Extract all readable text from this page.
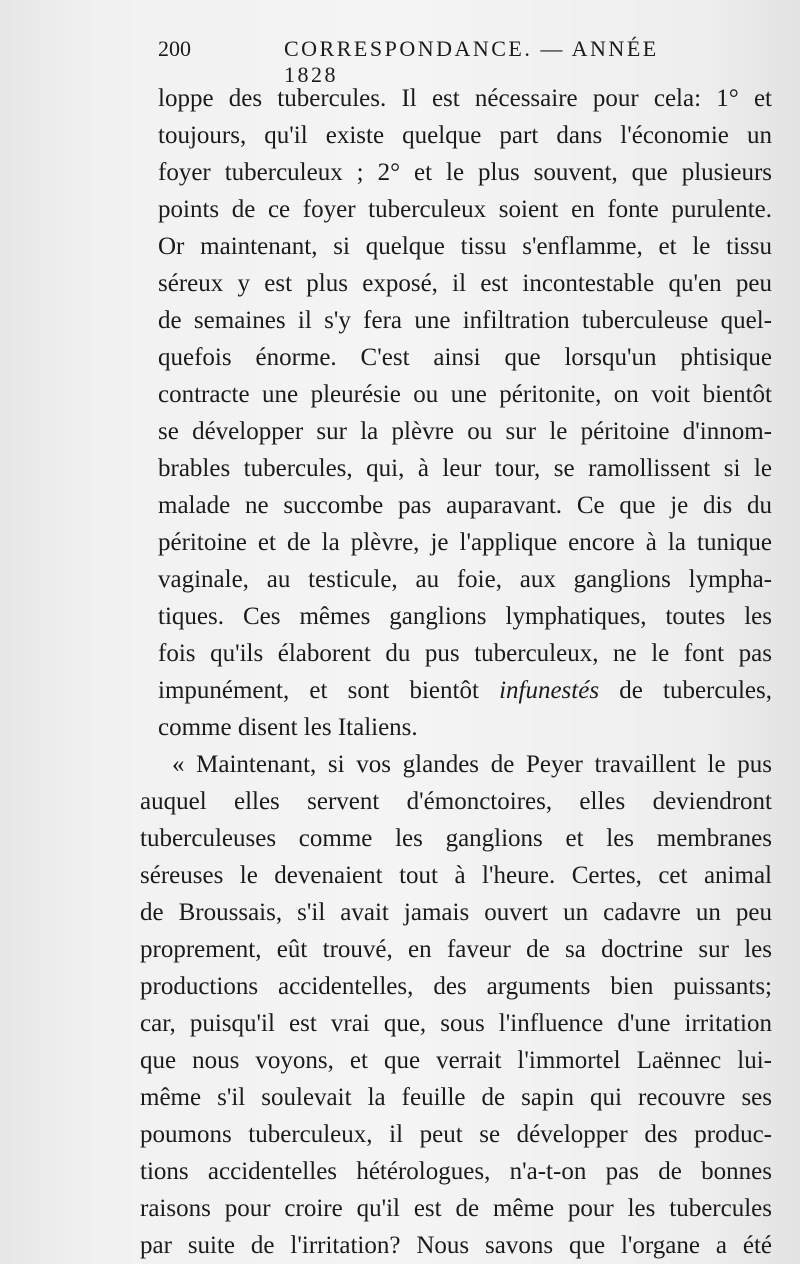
200	CORRESPONDANCE. — ANNÉE 1828
loppe des tubercules. Il est nécessaire pour cela: 1° et
toujours, qu'il existe quelque part dans l'économie un
foyer tuberculeux ; 2° et le plus souvent, que plusieurs
points de ce foyer tuberculeux soient en fonte purulente.
Or maintenant, si quelque tissu s'enflamme, et le tissu
séreux y est plus exposé, il est incontestable qu'en peu
de semaines il s'y fera une infiltration tuberculeuse quel-
quefois énorme. C'est ainsi que lorsqu'un phtisique
contracte une pleurésie ou une péritonite, on voit bientôt
se développer sur la plèvre ou sur le péritoine d'innom-
brables tubercules, qui, à leur tour, se ramollissent si le
malade ne succombe pas auparavant. Ce que je dis du
péritoine et de la plèvre, je l'applique encore à la tunique
vaginale, au testicule, au foie, aux ganglions lympha-
tiques. Ces mêmes ganglions lymphatiques, toutes les
fois qu'ils élaborent du pus tuberculeux, ne le font pas
impunément, et sont bientôt infunestés de tubercules,
comme disent les Italiens.
« Maintenant, si vos glandes de Peyer travaillent le pus
auquel elles servent d'émonctoires, elles deviendront
tuberculeuses comme les ganglions et les membranes
séreuses le devenaient tout à l'heure. Certes, cet animal
de Broussais, s'il avait jamais ouvert un cadavre un peu
proprement, eût trouvé, en faveur de sa doctrine sur les
productions accidentelles, des arguments bien puissants;
car, puisqu'il est vrai que, sous l'influence d'une irritation
que nous voyons, et que verrait l'immortel Laënnec lui-
même s'il soulevait la feuille de sapin qui recouvre ses
poumons tuberculeux, il peut se développer des produc-
tions accidentelles hétérologues, n'a-t-on pas de bonnes
raisons pour croire qu'il est de même pour les tubercules
par suite de l'irritation? Nous savons que l'organe a été
